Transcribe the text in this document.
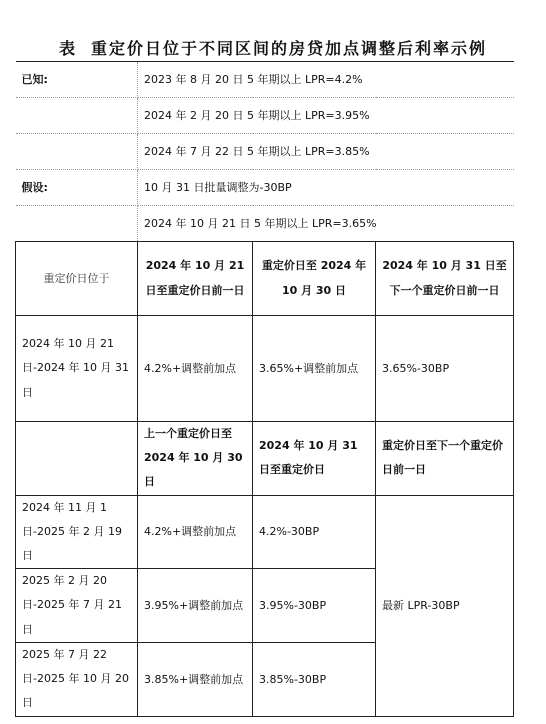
表 重定价日位于不同区间的房贷加点调整后利率示例
已知:	2023 年 8 月 20 日 5 年期以上 LPR=4.2%		
	2024 年 2 月 20 日 5 年期以上 LPR=3.95%		
	2024 年 7 月 22 日 5 年期以上 LPR=3.85%		
假设:	10 月 31 日批量调整为-30BP		
	2024 年 10 月 21 日 5 年期以上 LPR=3.65%		
重定价日位于	2024 年 10 月 21 日至重定价日前一日	重定价日至 2024 年 10 月 30 日	2024 年 10 月 31 日至下一个重定价日前一日
2024 年 10 月 21 日-2024 年 10 月 31 日	4.2%+调整前加点	3.65%+调整前加点	3.65%-30BP
	上一个重定价日至 2024 年 10 月 30 日	2024 年 10 月 31 日至重定价日	重定价日至下一个重定价日前一日
2024 年 11 月 1 日-2025 年 2 月 19 日	4.2%+调整前加点	4.2%-30BP	最新 LPR-30BP
2025 年 2 月 20 日-2025 年 7 月 21 日	3.95%+调整前加点	3.95%-30BP	
2025 年 7 月 22 日-2025 年 10 月 20 日	3.85%+调整前加点	3.85%-30BP	
